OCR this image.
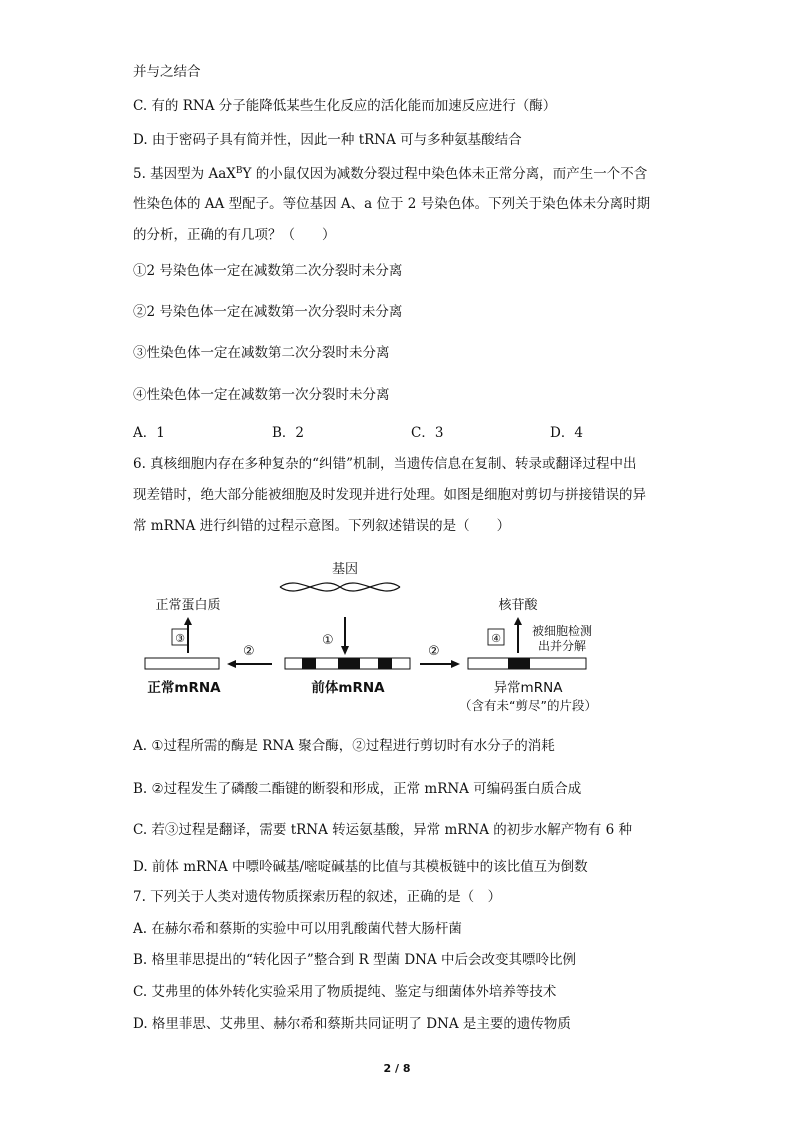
并与之结合
C. 有的 RNA 分子能降低某些生化反应的活化能而加速反应进行（酶）
D. 由于密码子具有简并性，因此一种 tRNA 可与多种氨基酸结合
5. 基因型为 AaX$^B$Y 的小鼠仅因为减数分裂过程中染色体未正常分离，而产生一个不含
性染色体的 AA 型配子。等位基因 A、a 位于 2 号染色体。下列关于染色体未分离时期
的分析，正确的有几项？（　　）
①2 号染色体一定在减数第二次分裂时未分离
②2 号染色体一定在减数第一次分裂时未分离
③性染色体一定在减数第二次分裂时未分离
④性染色体一定在减数第一次分裂时未分离
A．1	B．2	C．3	D．4
6. 真核细胞内存在多种复杂的“纠错”机制，当遗传信息在复制、转录或翻译过程中出
现差错时，绝大部分能被细胞及时发现并进行处理。如图是细胞对剪切与拼接错误的异
常 mRNA 进行纠错的过程示意图。下列叙述错误的是（　　）
基因
正常蛋白质	核苷酸
被细胞检测
出并分解
③	①	④
②	②
正常mRNA	前体mRNA	异常mRNA
（含有未“剪尽”的片段）
A. ①过程所需的酶是 RNA 聚合酶，②过程进行剪切时有水分子的消耗
B. ②过程发生了磷酸二酯键的断裂和形成，正常 mRNA 可编码蛋白质合成
C. 若③过程是翻译，需要 tRNA 转运氨基酸，异常 mRNA 的初步水解产物有 6 种
D. 前体 mRNA 中嘌呤碱基/嘧啶碱基的比值与其模板链中的该比值互为倒数
7. 下列关于人类对遗传物质探索历程的叙述，正确的是（　）
A. 在赫尔希和蔡斯的实验中可以用乳酸菌代替大肠杆菌
B. 格里菲思提出的“转化因子”整合到 R 型菌 DNA 中后会改变其嘌呤比例
C. 艾弗里的体外转化实验采用了物质提纯、鉴定与细菌体外培养等技术
D. 格里菲思、艾弗里、赫尔希和蔡斯共同证明了 DNA 是主要的遗传物质
2 / 8
